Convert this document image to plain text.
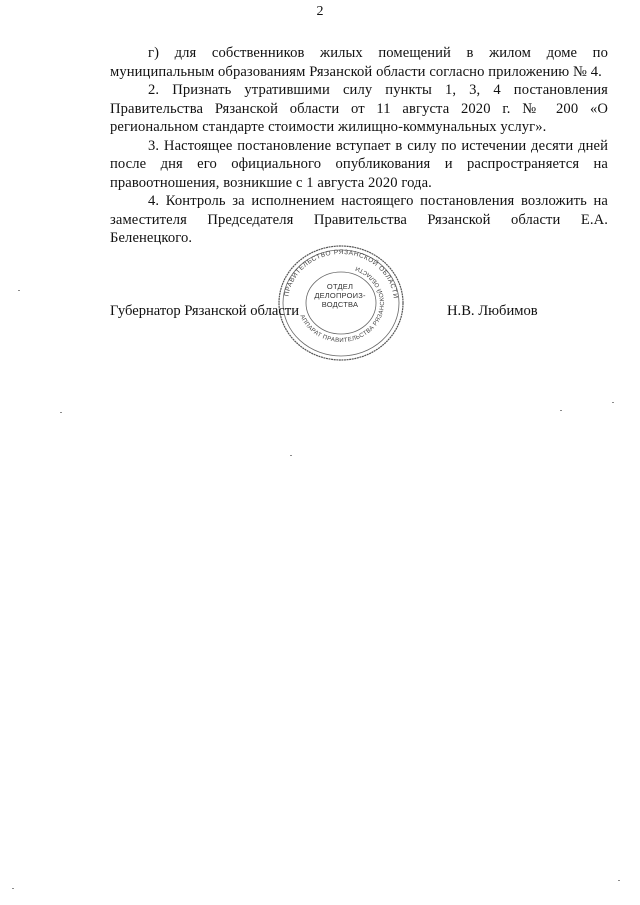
2

г) для собственников жилых помещений в жилом доме по муниципальным образованиям Рязанской области согласно приложению № 4.

2. Признать утратившими силу пункты 1, 3, 4 постановления Правительства Рязанской области от 11 августа 2020 г. № 200 «О региональном стандарте стоимости жилищно-коммунальных услуг».

3. Настоящее постановление вступает в силу по истечении десяти дней после дня его официального опубликования и распространяется на правоотношения, возникшие с 1 августа 2020 года.

4. Контроль за исполнением настоящего постановления возложить на заместителя Председателя Правительства Рязанской области Е.А. Беленецкого.

ПРАВИТЕЛЬСТВО РЯЗАНСКОЙ ОБЛАСТИ
АППАРАТ ПРАВИТЕЛЬСТВА РЯЗАНСКОЙ ОБЛАСТИ
ОТДЕЛ
ДЕЛОПРОИЗ-
ВОДСТВА
Губернатор Рязанской области	Н.В. Любимов
